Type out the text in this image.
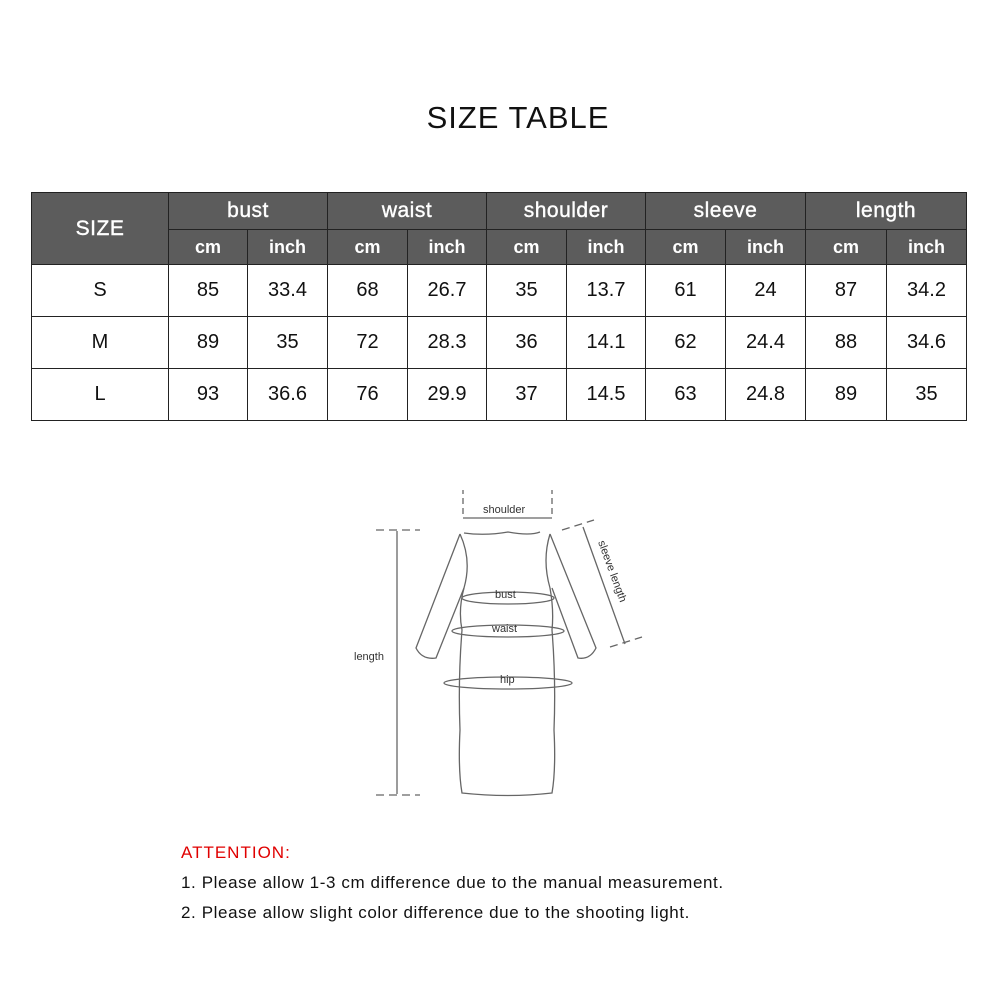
SIZE TABLE
SIZE	bust		waist		shoulder		sleeve		length	
	cm	inch	cm	inch	cm	inch	cm	inch	cm	inch
S	85	33.4	68	26.7	35	13.7	61	24	87	34.2
M	89	35	72	28.3	36	14.1	62	24.4	88	34.6
L	93	36.6	76	29.9	37	14.5	63	24.8	89	35
shoulder
bust
waist
hip
length
sleeve length
ATTENTION:
1. Please allow 1-3 cm difference due to the manual measurement.
2. Please allow slight color difference due to the shooting light.
